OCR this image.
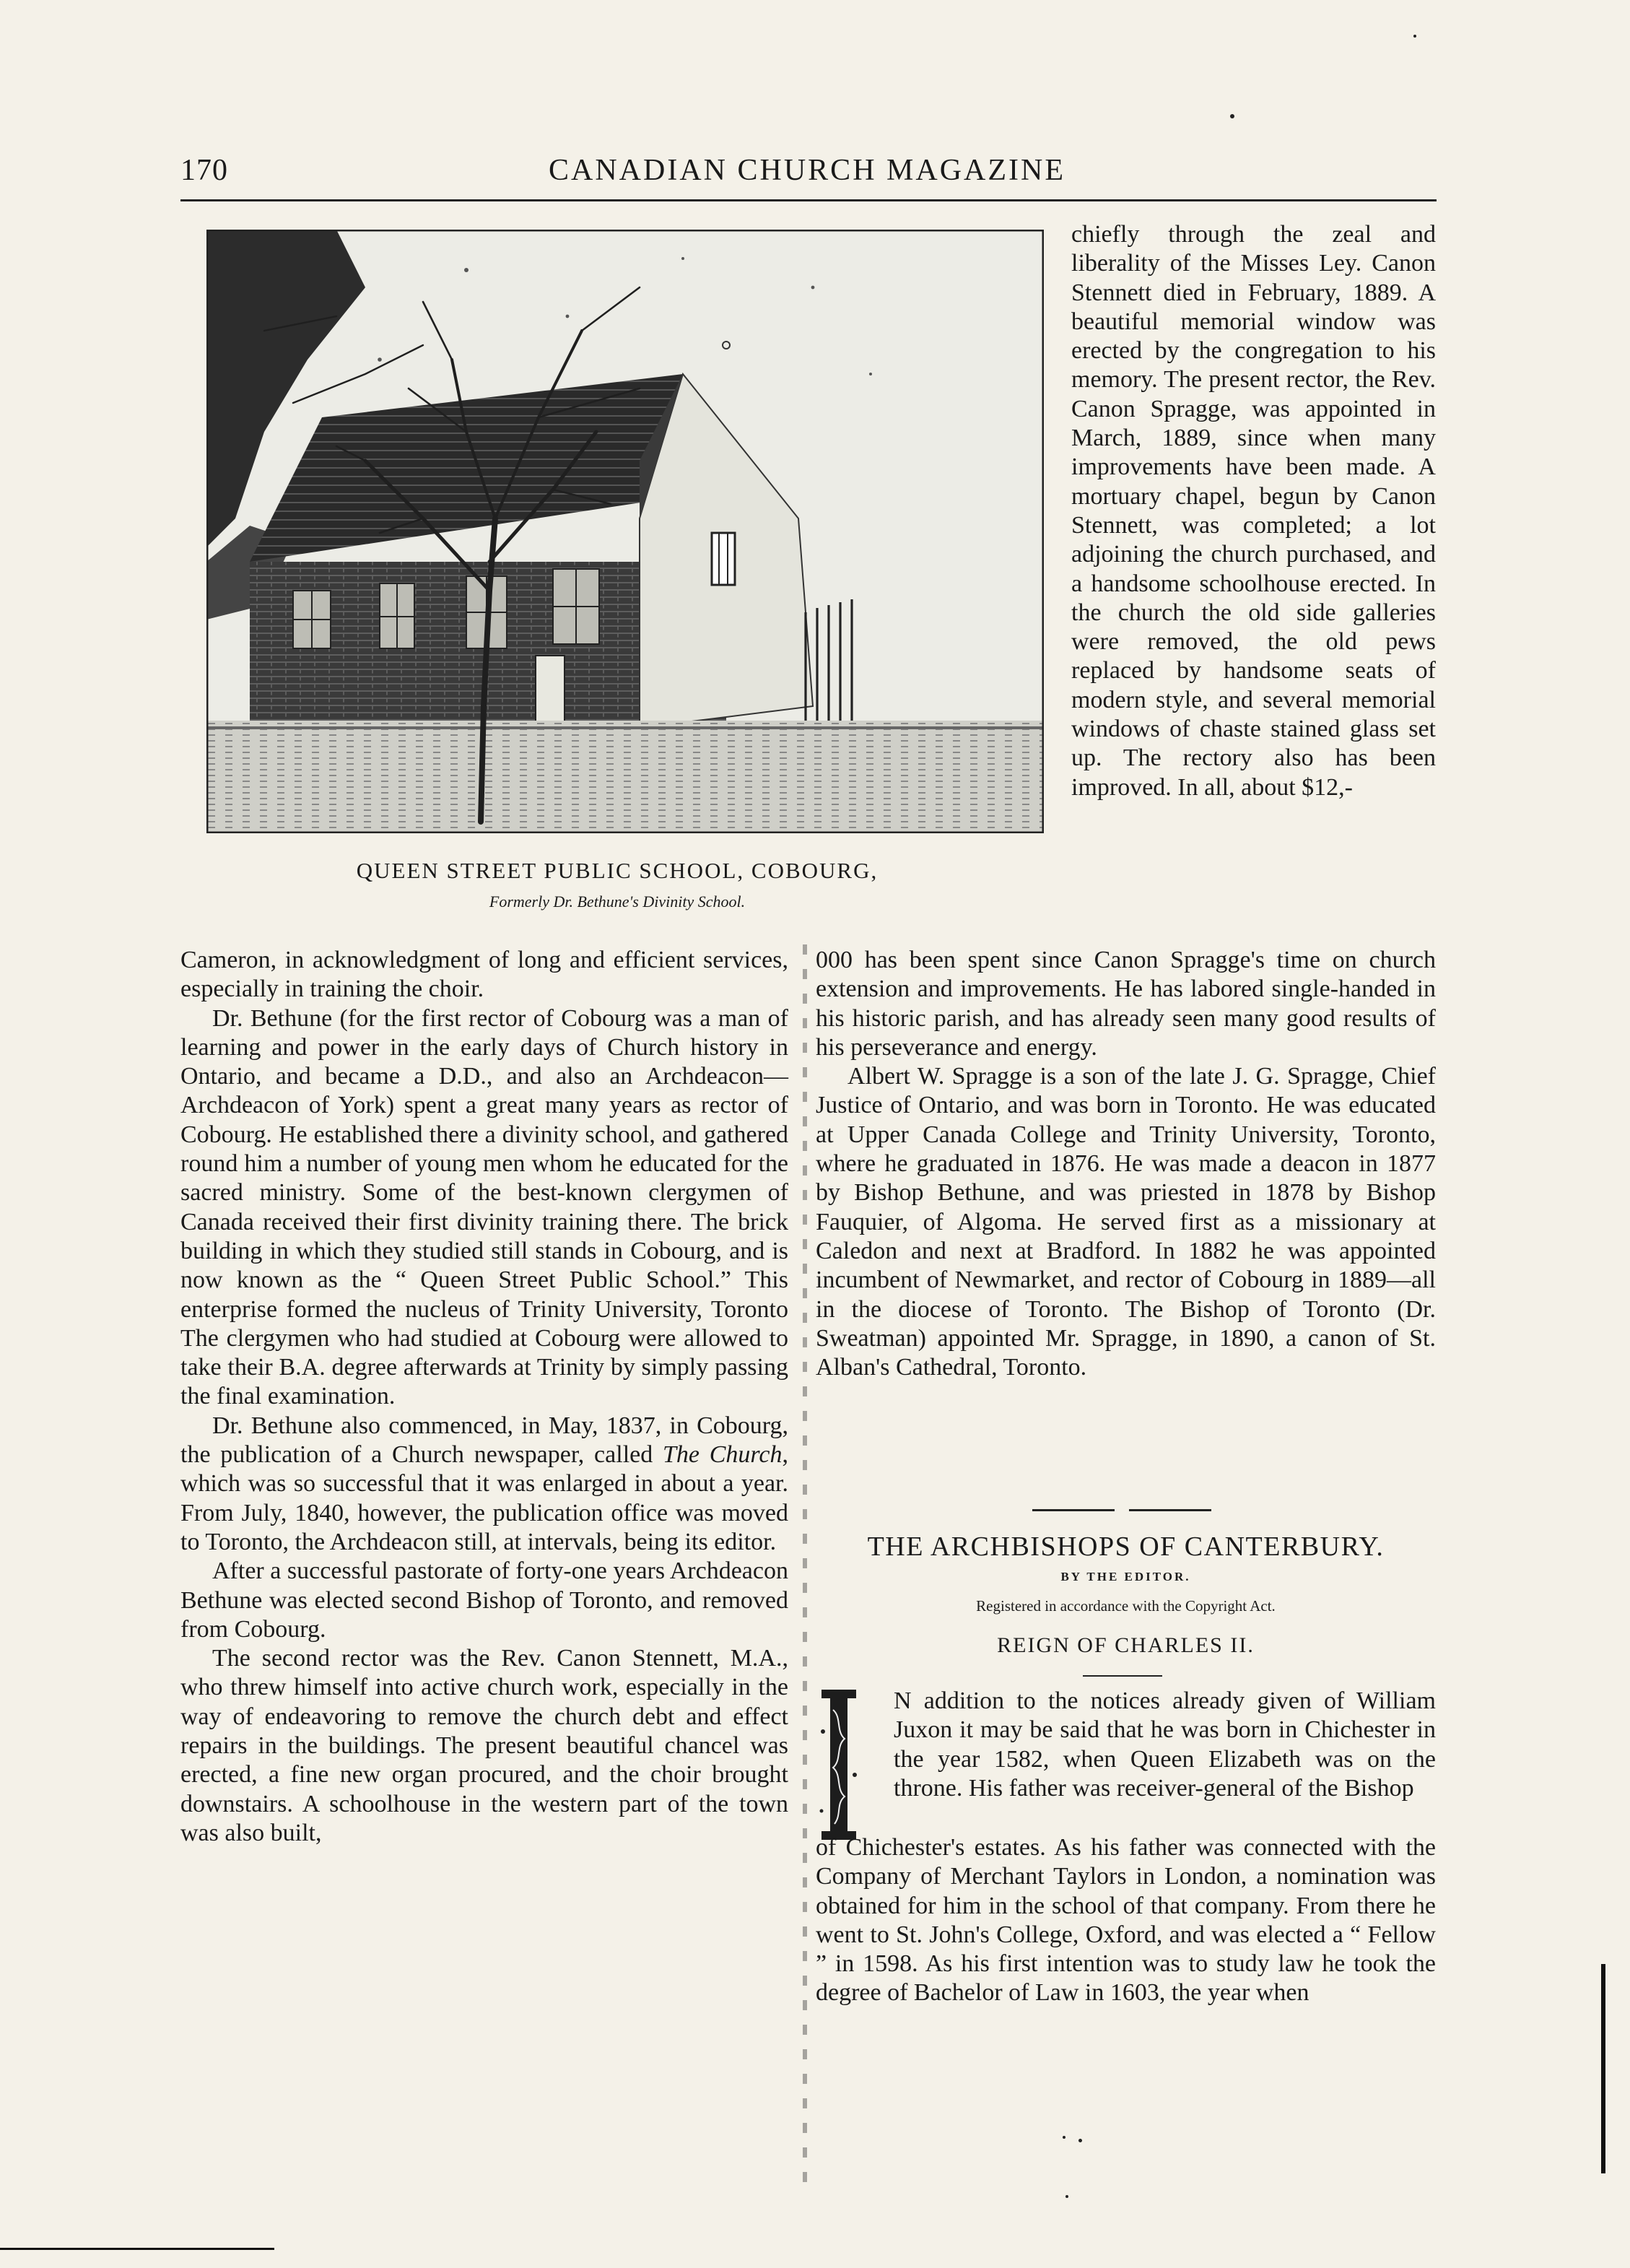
170	CANADIAN CHURCH MAGAZINE
QUEEN STREET PUBLIC SCHOOL, COBOURG,
Formerly Dr. Bethune's Divinity School.

chiefly through the zeal and liberality of the Misses Ley. Canon Stennett died in February, 1889. A beautiful memorial window was erected by the congregation to his memory. The present rector, the Rev. Canon Spragge, was appointed in March, 1889, since when many improvements have been made. A mortuary chapel, begun by Canon Stennett, was completed; a lot adjoining the church purchased, and a handsome schoolhouse erected. In the church the old side galleries were removed, the old pews replaced by handsome seats of modern style, and several memorial windows of chaste stained glass set up. The rectory also has been improved. In all, about $12,-

Cameron, in acknowledgment of long and efficient services, especially in training the choir.

Dr. Bethune (for the first rector of Cobourg was a man of learning and power in the early days of Church history in Ontario, and became a D.D., and also an Archdeacon—Archdeacon of York) spent a great many years as rector of Cobourg. He established there a divinity school, and gathered round him a number of young men whom he educated for the sacred ministry. Some of the best-known clergymen of Canada received their first divinity training there. The brick building in which they studied still stands in Cobourg, and is now known as the “ Queen Street Public School.” This enterprise formed the nucleus of Trinity University, Toronto The clergymen who had studied at Cobourg were allowed to take their B.A. degree afterwards at Trinity by simply passing the final examination.

Dr. Bethune also commenced, in May, 1837, in Cobourg, the publication of a Church newspaper, called The Church, which was so successful that it was enlarged in about a year. From July, 1840, however, the publication office was moved to Toronto, the Archdeacon still, at intervals, being its editor.

After a successful pastorate of forty-one years Archdeacon Bethune was elected second Bishop of Toronto, and removed from Cobourg.

The second rector was the Rev. Canon Stennett, M.A., who threw himself into active church work, especially in the way of endeavoring to remove the church debt and effect repairs in the buildings. The present beautiful chancel was erected, a fine new organ procured, and the choir brought downstairs. A schoolhouse in the western part of the town was also built,

000 has been spent since Canon Spragge's time on church extension and improvements. He has labored single-handed in his historic parish, and has already seen many good results of his perseverance and energy.

Albert W. Spragge is a son of the late J. G. Spragge, Chief Justice of Ontario, and was born in Toronto. He was educated at Upper Canada College and Trinity University, Toronto, where he graduated in 1876. He was made a deacon in 1877 by Bishop Bethune, and was priested in 1878 by Bishop Fauquier, of Algoma. He served first as a missionary at Caledon and next at Bradford. In 1882 he was appointed incumbent of Newmarket, and rector of Cobourg in 1889—all in the diocese of Toronto. The Bishop of Toronto (Dr. Sweatman) appointed Mr. Spragge, in 1890, a canon of St. Alban's Cathedral, Toronto.

THE ARCHBISHOPS OF CANTERBURY.
BY THE EDITOR.
Registered in accordance with the Copyright Act.
REIGN OF CHARLES II.

N addition to the notices already given of William Juxon it may be said that he was born in Chichester in the year 1582, when Queen Elizabeth was on the throne. His father was receiver-general of the Bishop

of Chichester's estates. As his father was connected with the Company of Merchant Taylors in London, a nomination was obtained for him in the school of that company. From there he went to St. John's College, Oxford, and was elected a “ Fellow ” in 1598. As his first intention was to study law he took the degree of Bachelor of Law in 1603, the year when
